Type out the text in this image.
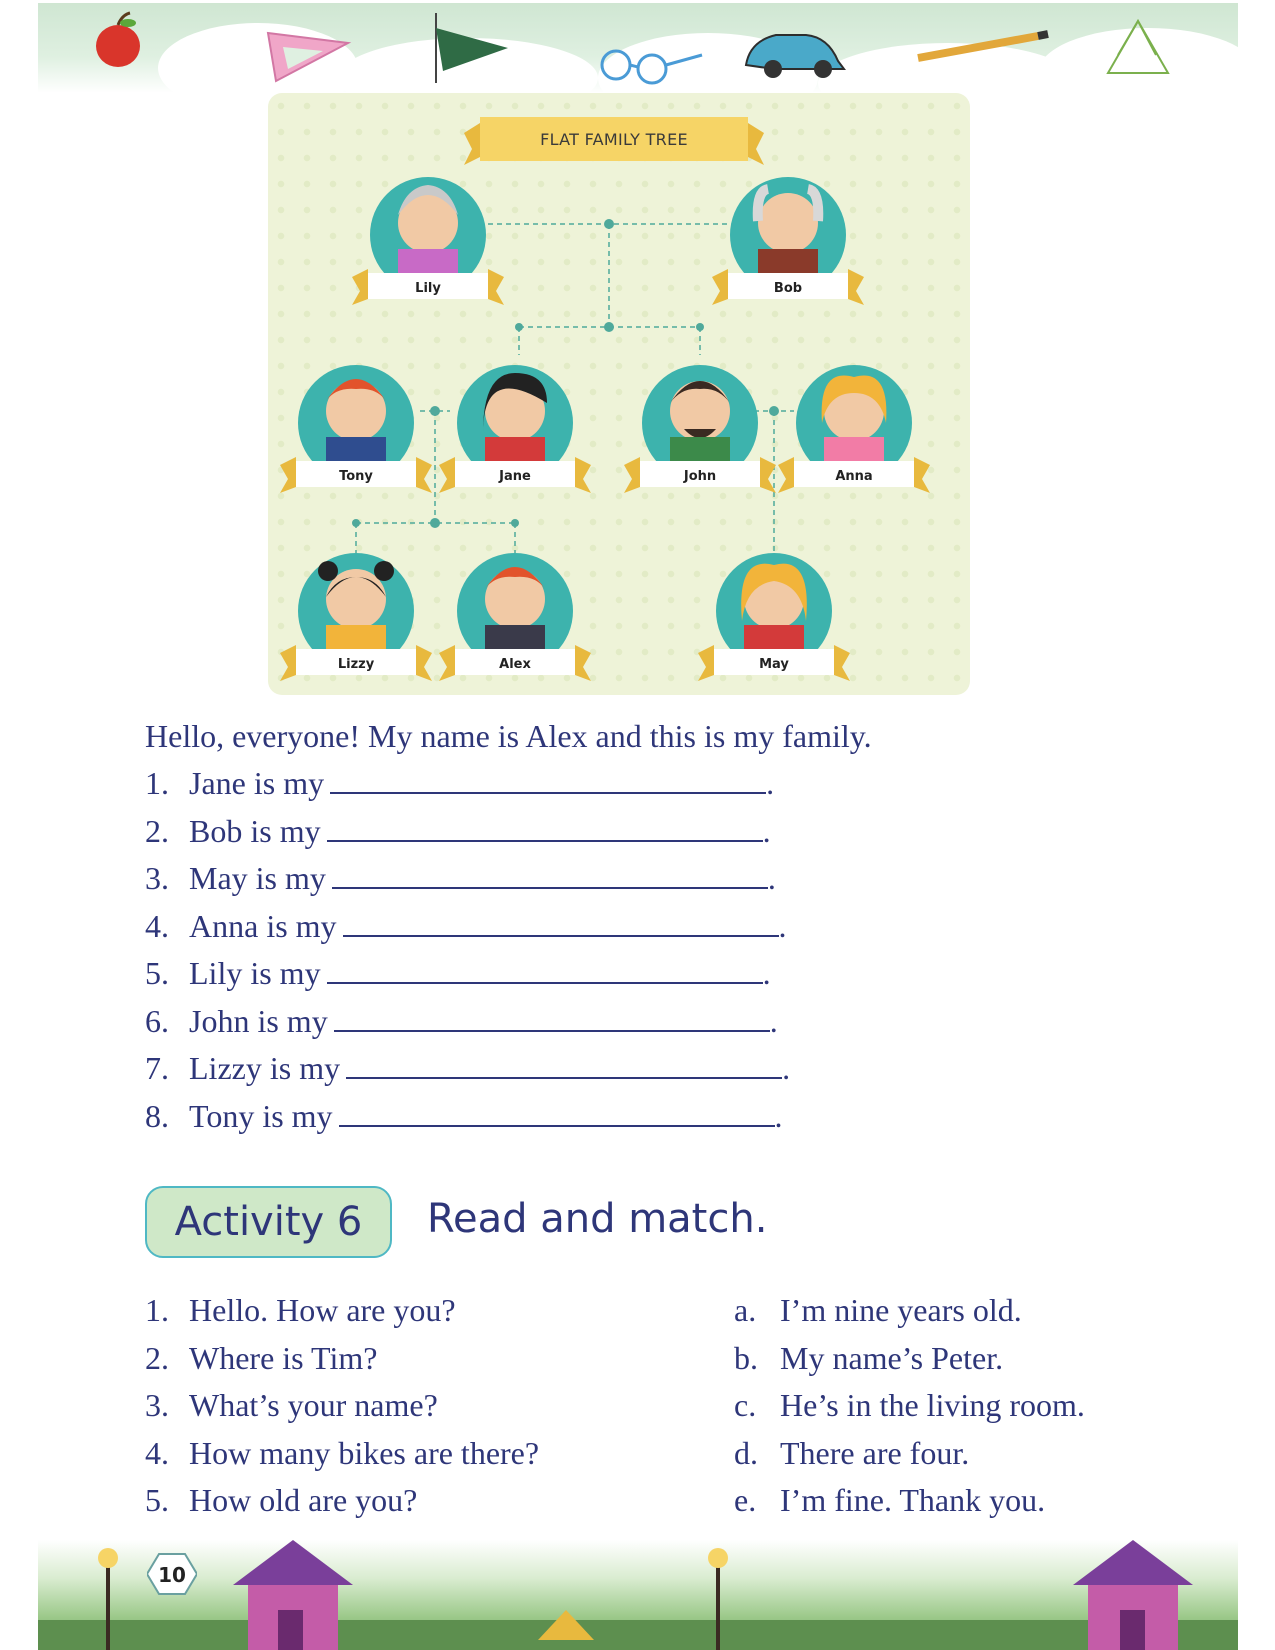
FLAT FAMILY TREE
Lily	Bob
Tony	Jane	John	Anna
Lizzy	Alex	May
Hello, everyone! My name is Alex and this is my family.
1. Jane is my	.
2. Bob is my	.
3. May is my	.
4. Anna is my	.
5. Lily is my	.
6. John is my	.
7. Lizzy is my	.
8. Tony is my	.
Activity 6	Read and match.
1. Hello. How are you?
2. Where is Tim?
3. What’s your name?
4. How many bikes are there?
5. How old are you?
a. I’m nine years old.
b. My name’s Peter.
c. He’s in the living room.
d. There are four.
e. I’m fine. Thank you.
10
